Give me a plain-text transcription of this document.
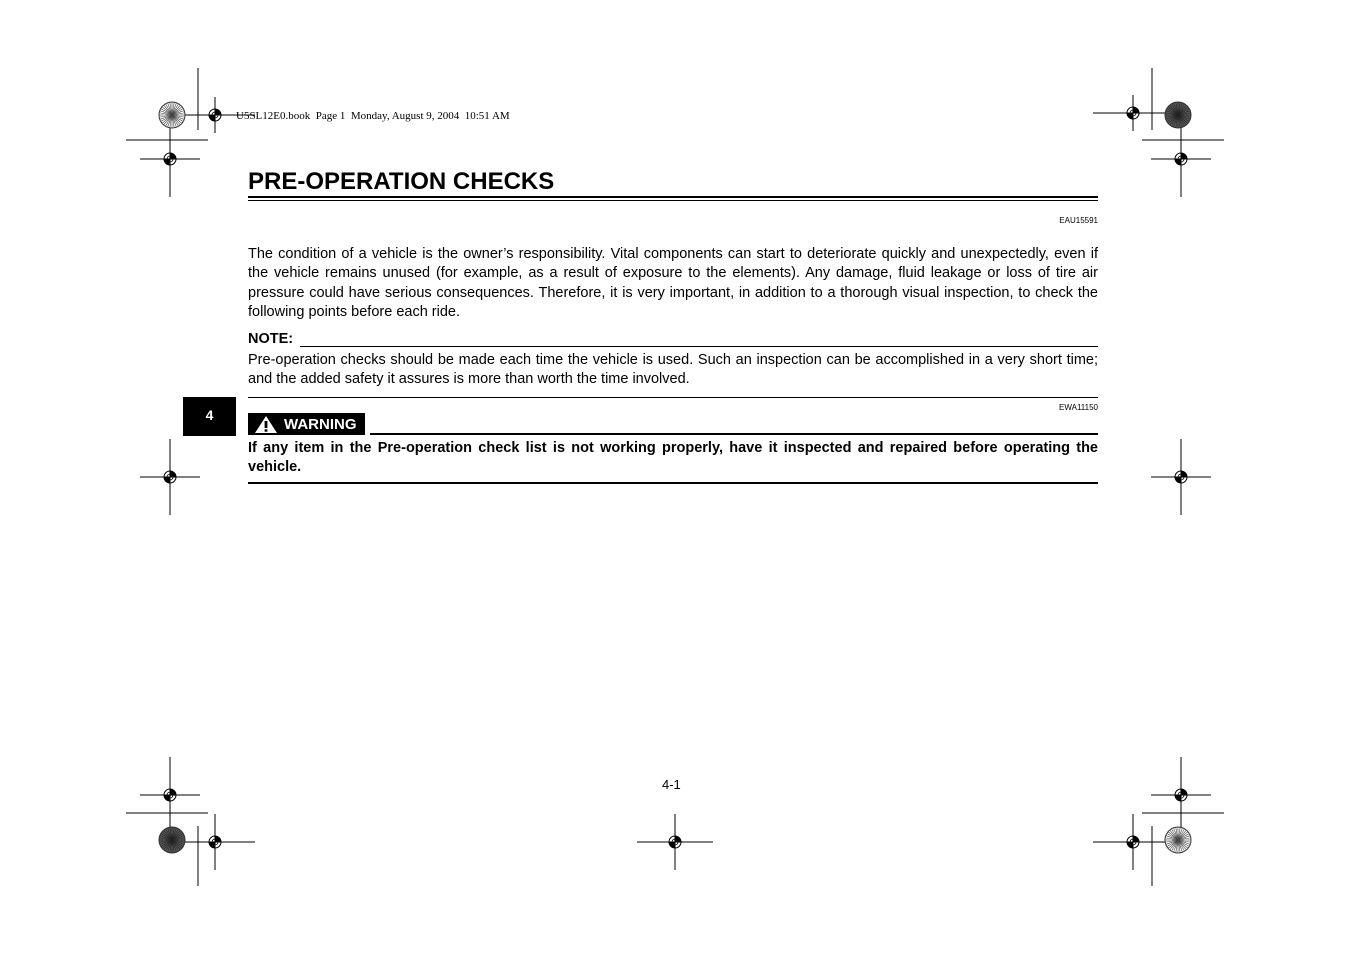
U5SL12E0.book  Page 1  Monday, August 9, 2004  10:51 AM
PRE-OPERATION CHECKS
EAU15591

The condition of a vehicle is the owner’s responsibility. Vital components can start to deteriorate quickly and unexpectedly, even if the vehicle remains unused (for example, as a result of exposure to the elements). Any damage, fluid leakage or loss of tire air pressure could have serious consequences. Therefore, it is very important, in addition to a thorough visual inspection, to check the following points before each ride.

NOTE:

Pre-operation checks should be made each time the vehicle is used. Such an inspection can be accomplished in a very short time; and the added safety it assures is more than worth the time involved.

EWA11150
4
WARNING

If any item in the Pre-operation check list is not working properly, have it inspected and repaired before operating the vehicle.

4-1
